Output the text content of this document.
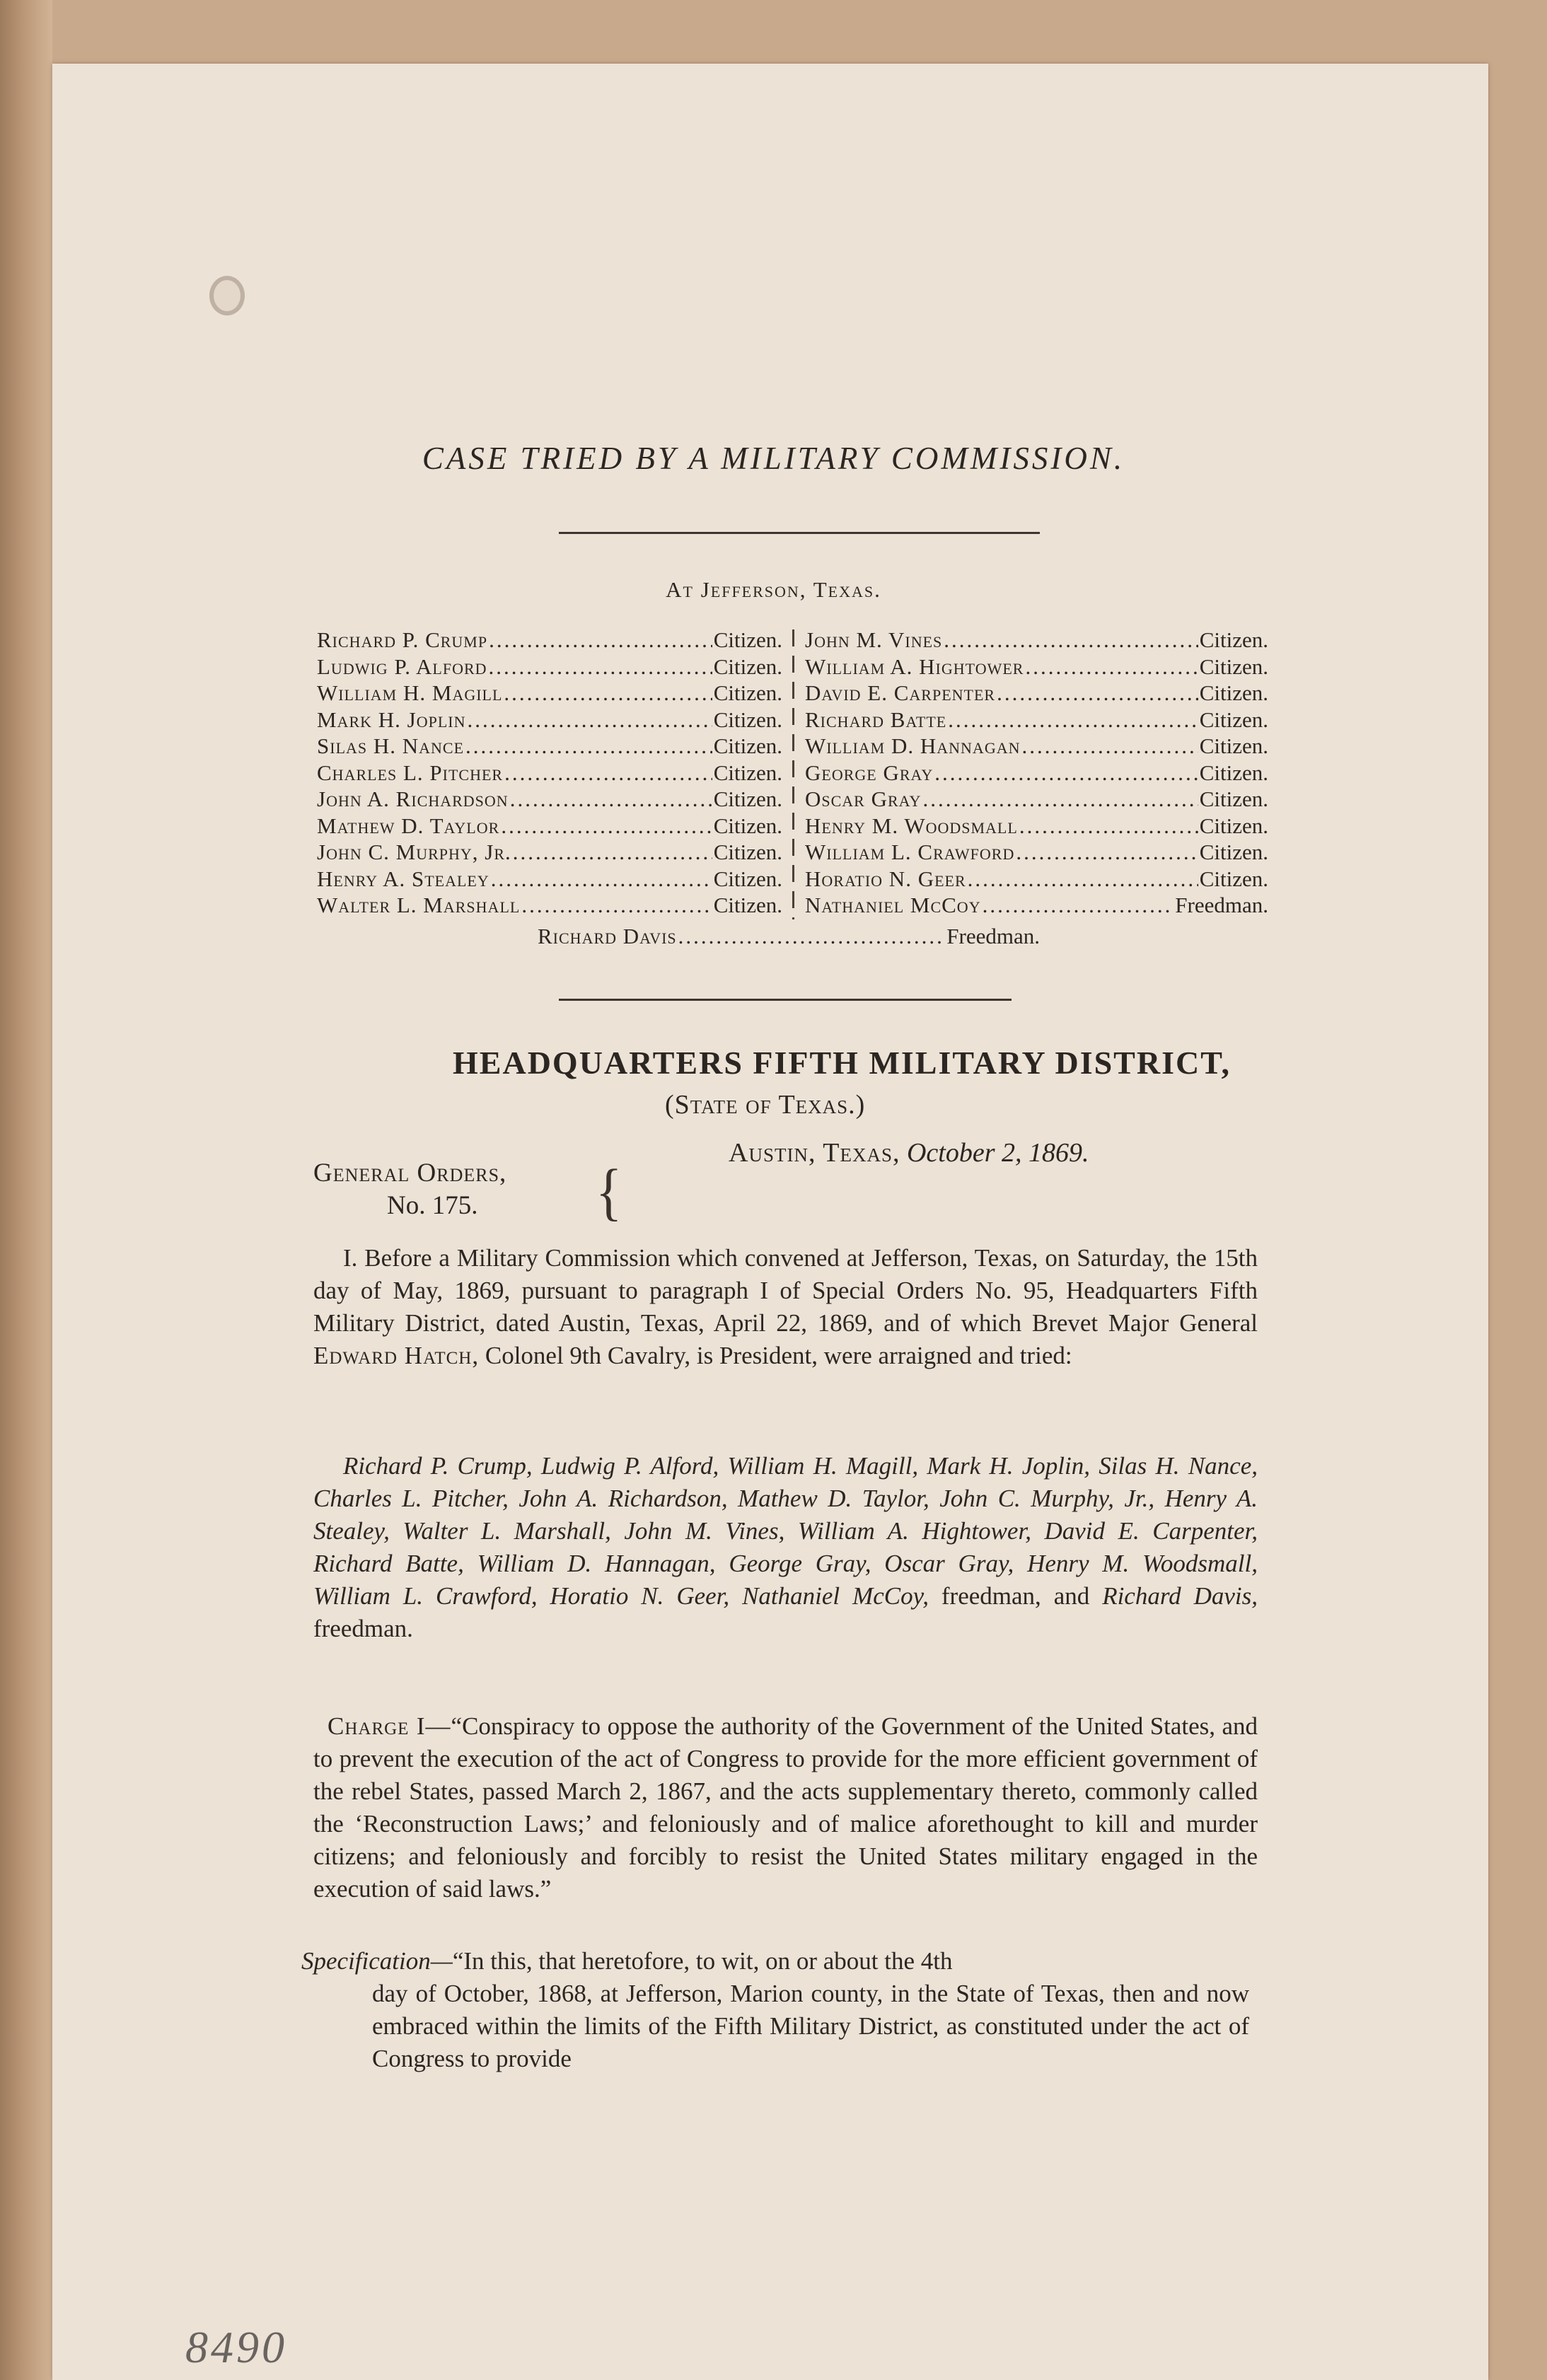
CASE TRIED BY A MILITARY COMMISSION.
At Jefferson, Texas.
Richard P. Crump .....	Citizen.
Ludwig P. Alford .....	Citizen.
William H. Magill .....	Citizen.
Mark H. Joplin .....	Citizen.
Silas H. Nance .....	Citizen.
Charles L. Pitcher .....	Citizen.
John A. Richardson .....	Citizen.
Mathew D. Taylor .....	Citizen.
John C. Murphy, Jr. .....	Citizen.
Henry A. Stealey .....	Citizen.
Walter L. Marshall .....	Citizen.
John M. Vines .....	Citizen.
William A. Hightower .....	Citizen.
David E. Carpenter .....	Citizen.
Richard Batte .....	Citizen.
William D. Hannagan .....	Citizen.
George Gray .....	Citizen.
Oscar Gray .....	Citizen.
Henry M. Woodsmall .....	Citizen.
William L. Crawford .....	Citizen.
Horatio N. Geer .....	Citizen.
Nathaniel McCoy .....	Freedman.
Richard Davis .....	Freedman.
HEADQUARTERS FIFTH MILITARY DISTRICT,
(State of Texas.)
Austin, Texas, October 2, 1869.
General Orders,
No. 175.	{
I. Before a Military Commission which convened at Jefferson, Texas, on Saturday, the 15th day of May, 1869, pursuant to paragraph I of Special Orders No. 95, Headquarters Fifth Military District, dated Austin, Texas, April 22, 1869, and of which Brevet Major General Edward Hatch, Colonel 9th Cavalry, is President, were arraigned and tried:
Richard P. Crump, Ludwig P. Alford, William H. Magill, Mark H. Joplin, Silas H. Nance, Charles L. Pitcher, John A. Richardson, Mathew D. Taylor, John C. Murphy, Jr., Henry A. Stealey, Walter L. Marshall, John M. Vines, William A. Hightower, David E. Carpenter, Richard Batte, William D. Hannagan, George Gray, Oscar Gray, Henry M. Woodsmall, William L. Crawford, Horatio N. Geer, Nathaniel McCoy, freedman, and Richard Davis, freedman.
Charge I—“Conspiracy to oppose the authority of the Government of the United States, and to prevent the execution of the act of Congress to provide for the more efficient government of the rebel States, passed March 2, 1867, and the acts supplementary thereto, commonly called the ‘Reconstruction Laws;’ and feloniously and of malice aforethought to kill and murder citizens; and feloniously and forcibly to resist the United States military engaged in the execution of said laws.”
Specification—“In this, that heretofore, to wit, on or about the 4th
day of October, 1868, at Jefferson, Marion county, in the State of Texas, then and now embraced within the limits of the Fifth Military District, as constituted under the act of Congress to provide
8490
